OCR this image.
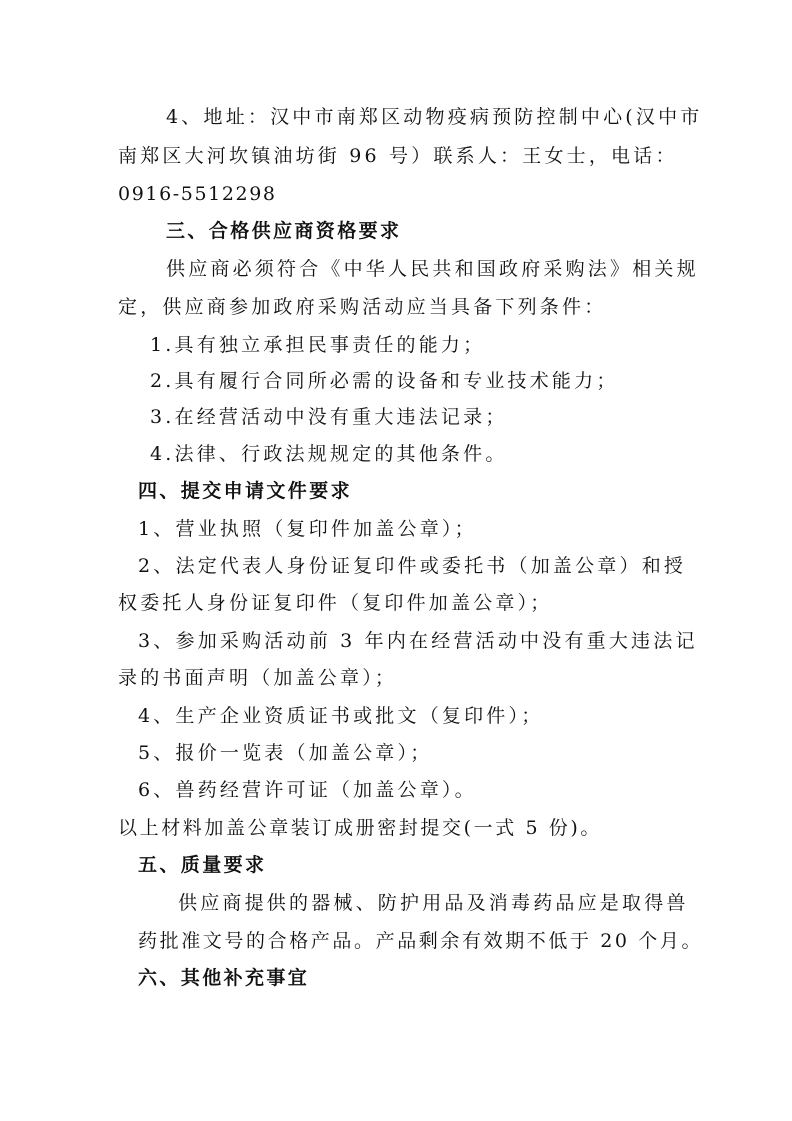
4、地址：汉中市南郑区动物疫病预防控制中心(汉中市
南郑区大河坎镇油坊街 96 号）联系人：王女士，电话：
0916-5512298
三、合格供应商资格要求
供应商必须符合《中华人民共和国政府采购法》相关规
定，供应商参加政府采购活动应当具备下列条件：
1.具有独立承担民事责任的能力；
2.具有履行合同所必需的设备和专业技术能力；
3.在经营活动中没有重大违法记录；
4.法律、行政法规规定的其他条件。
四、提交申请文件要求
1、营业执照（复印件加盖公章）；
2、法定代表人身份证复印件或委托书（加盖公章）和授
权委托人身份证复印件（复印件加盖公章）；
3、参加采购活动前 3 年内在经营活动中没有重大违法记
录的书面声明（加盖公章）；
4、生产企业资质证书或批文（复印件）；
5、报价一览表（加盖公章）；
6、兽药经营许可证（加盖公章）。
以上材料加盖公章装订成册密封提交(一式 5 份)。
五、质量要求
供应商提供的器械、防护用品及消毒药品应是取得兽
药批准文号的合格产品。产品剩余有效期不低于 20 个月。
六、其他补充事宜
